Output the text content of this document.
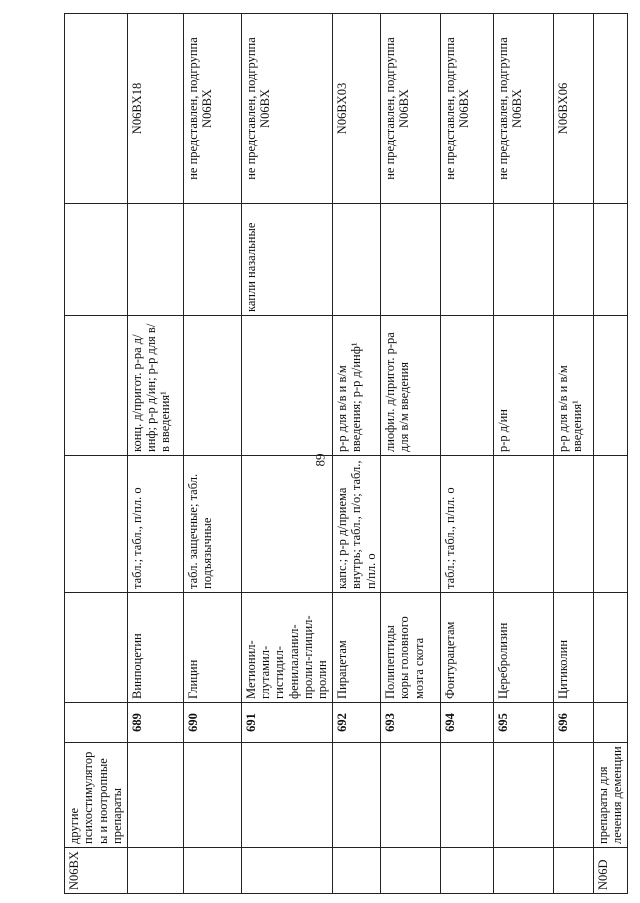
89
N06BX	другие психостимуляторы и ноотропные препараты						
		689	Винпоцетин	табл.; табл., п/пл. о	конц. д/пригот. р-ра д/инф; р-р д/ин; р-р для в/в введения¹		N06BX18
		690	Глицин	табл. защечные; табл. подъязычные			не представлен, подгруппа N06BX
		691	Метионил-глутамил-гистидил-фенилаланил-пролил-глицил-пролин			капли назальные	не представлен, подгруппа N06BX
		692	Пирацетам	капс.; р-р д/приема внутрь; табл., п/о; табл., п/пл. о	р-р для в/в и в/м введения; р-р д/инф¹		N06BX03
		693	Полипептиды коры головного мозга скота		лиофил. д/пригот. р-ра для в/м введения		не представлен, подгруппа N06BX
		694	Фонтурацетам	табл.; табл., п/пл. о			не представлен, подгруппа N06BX
		695	Церебролизин		р-р д/ин		не представлен, подгруппа N06BX
		696	Цитиколин		р-р для в/в и в/м введения¹		N06BX06
N06D	препараты для лечения деменции						
